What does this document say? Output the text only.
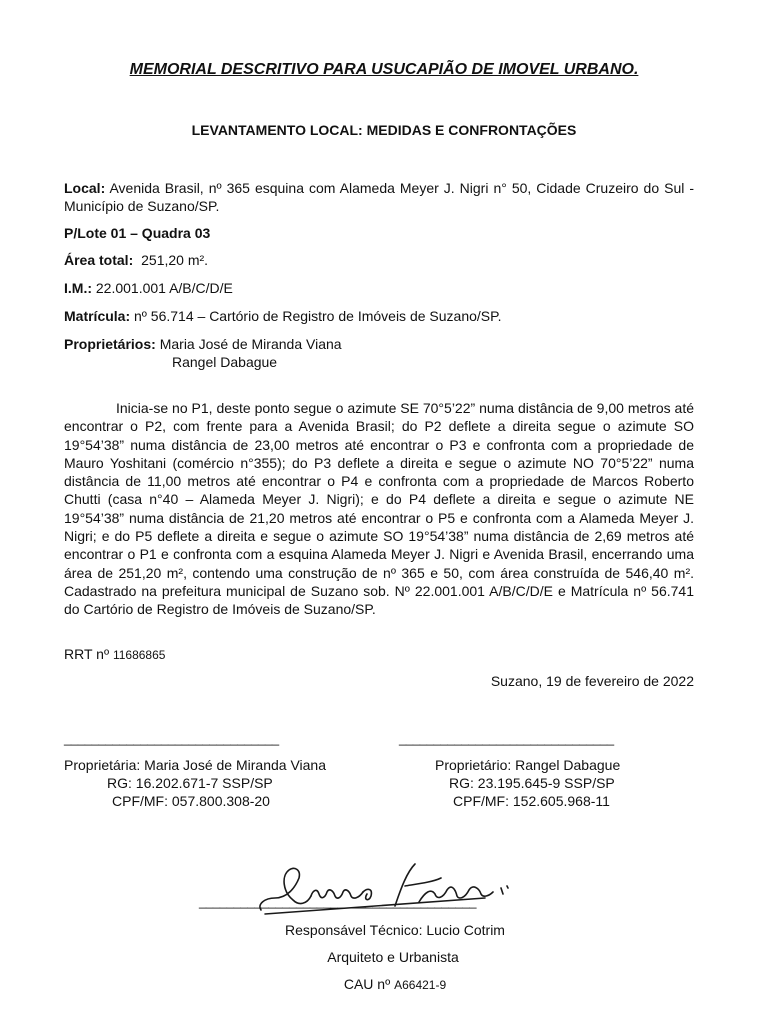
MEMORIAL DESCRITIVO PARA USUCAPIÃO DE IMOVEL URBANO.
LEVANTAMENTO LOCAL: MEDIDAS E CONFRONTAÇÕES
Local: Avenida Brasil, nº 365 esquina com Alameda Meyer J. Nigri n° 50, Cidade Cruzeiro do Sul - Município de Suzano/SP.
P/Lote 01 – Quadra 03
Área total: 251,20 m².
I.M.: 22.001.001 A/B/C/D/E
Matrícula: nº 56.714 – Cartório de Registro de Imóveis de Suzano/SP.
Proprietários: Maria José de Miranda Viana
Rangel Dabague
Inicia-se no P1, deste ponto segue o azimute SE 70°5’22” numa distância de 9,00 metros até encontrar o P2, com frente para a Avenida Brasil; do P2 deflete a direita segue o azimute SO 19°54’38” numa distância de 23,00 metros até encontrar o P3 e confronta com a propriedade de Mauro Yoshitani (comércio n°355); do P3 deflete a direita e segue o azimute NO 70°5’22” numa distância de 11,00 metros até encontrar o P4 e confronta com a propriedade de Marcos Roberto Chutti (casa n°40 – Alameda Meyer J. Nigri); e do P4 deflete a direita e segue o azimute NE 19°54’38” numa distância de 21,20 metros até encontrar o P5 e confronta com a Alameda Meyer J. Nigri; e do P5 deflete a direita e segue o azimute SO 19°54’38” numa distância de 2,69 metros até encontrar o P1 e confronta com a esquina Alameda Meyer J. Nigri e Avenida Brasil, encerrando uma área de 251,20 m², contendo uma construção de nº 365 e 50, com área construída de 546,40 m². Cadastrado na prefeitura municipal de Suzano sob. Nº 22.001.001 A/B/C/D/E e Matrícula nº 56.741 do Cartório de Registro de Imóveis de Suzano/SP.
RRT nº 11686865
Suzano, 19 de fevereiro de 2022
_______________________________	_______________________________
Proprietária: Maria José de Miranda Viana
RG: 16.202.671-7 SSP/SP
CPF/MF: 057.800.308-20
Proprietário: Rangel Dabague
RG: 23.195.645-9 SSP/SP
CPF/MF: 152.605.968-11
________________________________________
Responsável Técnico: Lucio Cotrim
Arquiteto e Urbanista
CAU nº A66421-9
